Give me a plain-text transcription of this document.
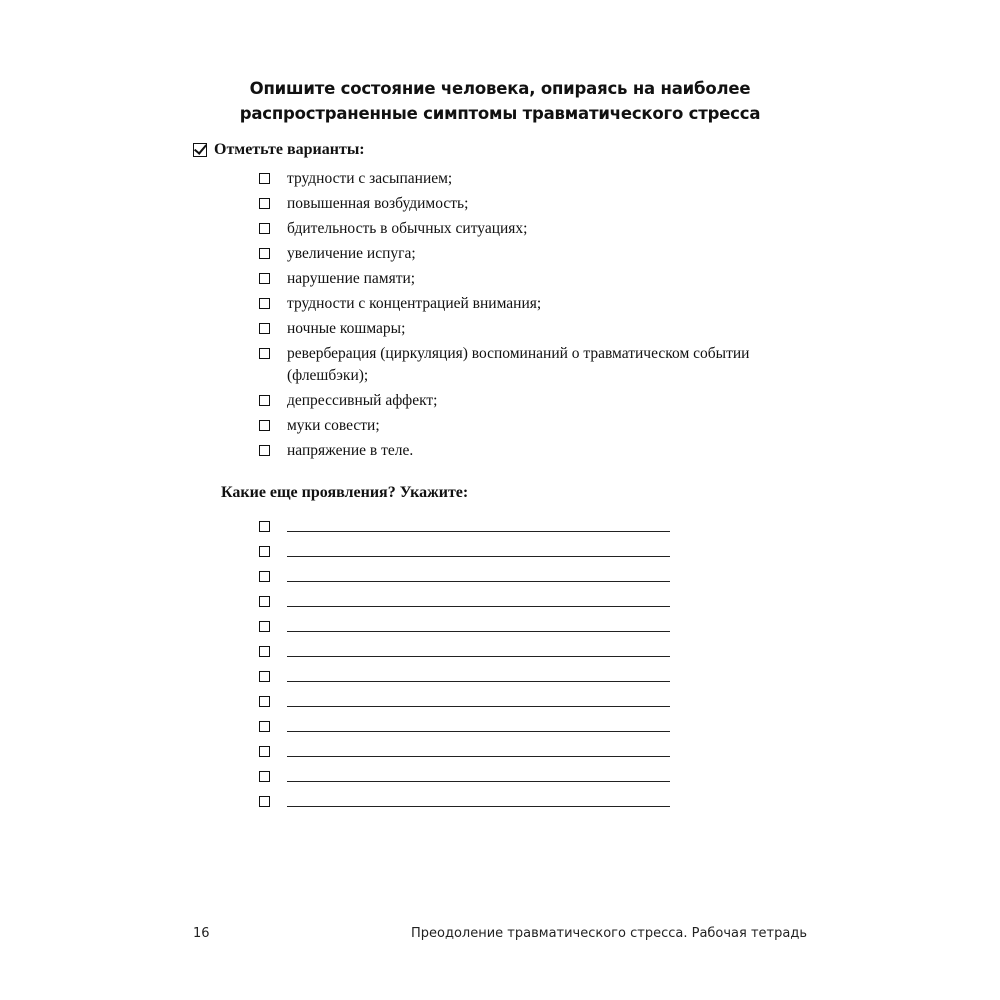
Опишите состояние человека, опираясь на наиболее
распространенные симптомы травматического стресса
Отметьте варианты:
трудности с засыпанием;
повышенная возбудимость;
бдительность в обычных ситуациях;
увеличение испуга;
нарушение памяти;
трудности с концентрацией внимания;
ночные кошмары;
реверберация (циркуляция) воспоминаний о травматическом событии (флешбэки);
депрессивный аффект;
муки совести;
напряжение в теле.
Какие еще проявления? Укажите:
16	Преодоление травматического стресса. Рабочая тетрадь
